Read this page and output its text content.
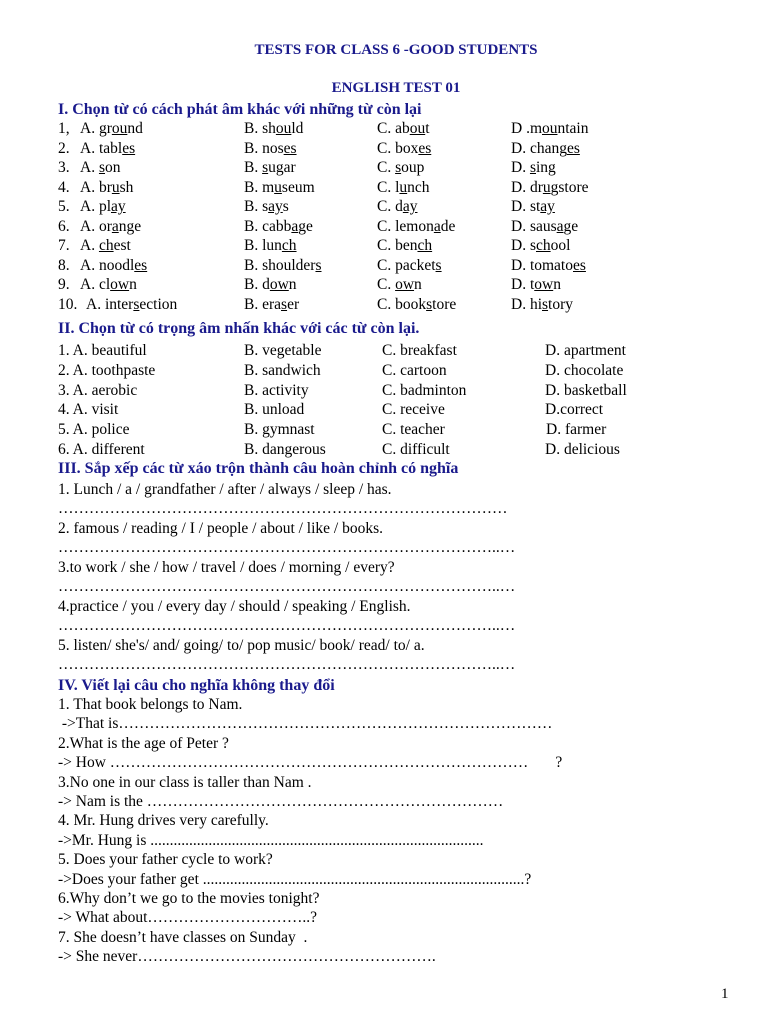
TESTS FOR CLASS 6 -GOOD STUDENTS
ENGLISH TEST 01
I. Chọn từ có cách phát âm khác với những từ còn lại
1, A. ground	B. should	C. about	D .mountain
2. A. tables	B. noses	C. boxes	D. changes
3. A. son	B. sugar	C. soup	D. sing
4. A. brush	B. museum	C. lunch	D. drugstore
5. A. play	B. says	C. day	D. stay
6. A. orange	B. cabbage	C. lemonade	D. sausage
7. A. chest	B. lunch	C. bench	D. school
8. A. noodles	B. shoulders	C. packets	D. tomatoes
9. A. clown	B. down	C. own	D. town
10. A. intersection	B. eraser	C. bookstore	D. history
II. Chọn từ có trọng âm nhấn khác với các từ còn lại.
1. A. beautiful	B. vegetable	C. breakfast	D. apartment
2. A. toothpaste	B. sandwich	C. cartoon	D. chocolate
3. A. aerobic	B. activity	C. badminton	D. basketball
4. A. visit	B. unload	C. receive	D.correct
5. A. police	B. gymnast	C. teacher	D. farmer
6. A. different	B. dangerous	C. difficult	D. delicious
III. Sắp xếp các từ xáo trộn thành câu hoàn chỉnh có nghĩa
1. Lunch / a / grandfather / after / always / sleep / has.
……………………………………………………………………………
2. famous / reading / I / people / about / like / books.
…………………………………………………………………………..…
3.to work / she / how / travel / does / morning / every?
…………………………………………………………………………..…
4.practice / you / every day / should / speaking / English.
…………………………………………………………………………..…
5. listen/ she's/ and/ going/ to/ pop music/ book/ read/ to/ a.
…………………………………………………………………………..…
IV. Viết lại câu cho nghĩa không thay đổi
1. That book belongs to Nam.
->That is…………………………………………………………………………
2.What is the age of Peter ?
-> How ………………………………………………………………………       ?
3.No one in our class is taller than Nam .
-> Nam is the ……………………………………………………………
4. Mr. Hung drives very carefully.
->Mr. Hung is ......................................................................................
5. Does your father cycle to work?
->Does your father get ...................................................................................?
6.Why don’t we go to the movies tonight?
-> What about…………………………..?
7. She doesn’t have classes on Sunday  .
-> She never………………………………………………….
1
